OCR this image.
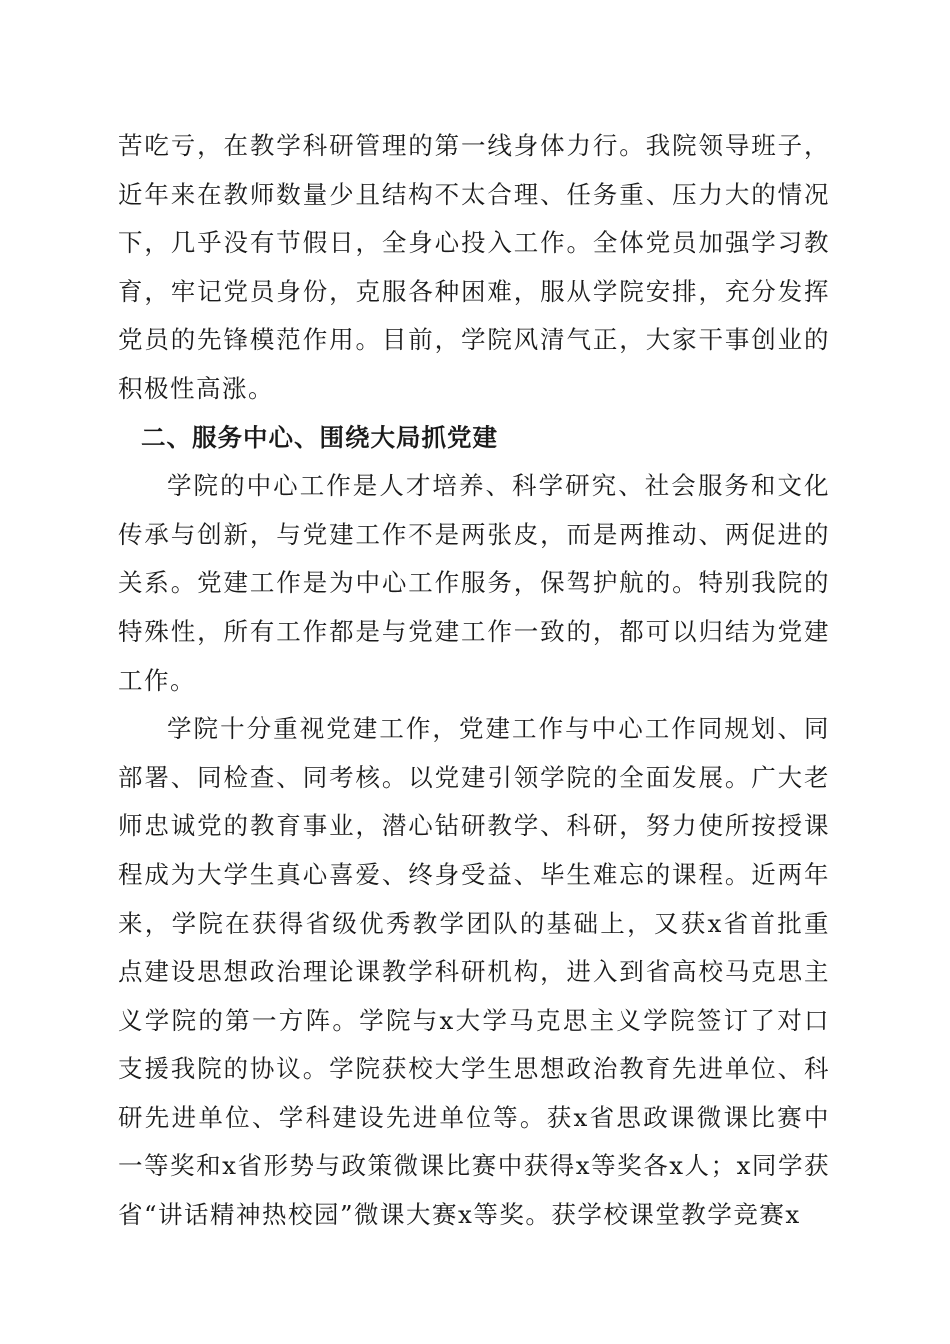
苦吃亏，在教学科研管理的第一线身体力行。我院领导班子，近年来在教师数量少且结构不太合理、任务重、压力大的情况下，几乎没有节假日，全身心投入工作。全体党员加强学习教育，牢记党员身份，克服各种困难，服从学院安排，充分发挥党员的先锋模范作用。目前，学院风清气正，大家干事创业的积极性高涨。

二、服务中心、围绕大局抓党建

学院的中心工作是人才培养、科学研究、社会服务和文化传承与创新，与党建工作不是两张皮，而是两推动、两促进的关系。党建工作是为中心工作服务，保驾护航的。特别我院的特殊性，所有工作都是与党建工作一致的，都可以归结为党建工作。

学院十分重视党建工作，党建工作与中心工作同规划、同部署、同检查、同考核。以党建引领学院的全面发展。广大老师忠诚党的教育事业，潜心钻研教学、科研，努力使所按授课程成为大学生真心喜爱、终身受益、毕生难忘的课程。近两年来，学院在获得省级优秀教学团队的基础上，又获x省首批重点建设思想政治理论课教学科研机构，进入到省高校马克思主义学院的第一方阵。学院与x大学马克思主义学院签订了对口支援我院的协议。学院获校大学生思想政治教育先进单位、科研先进单位、学科建设先进单位等。获x省思政课微课比赛中一等奖和x省形势与政策微课比赛中获得x等奖各x人；x同学获省“讲话精神热校园”微课大赛x等奖。获学校课堂教学竞赛x
